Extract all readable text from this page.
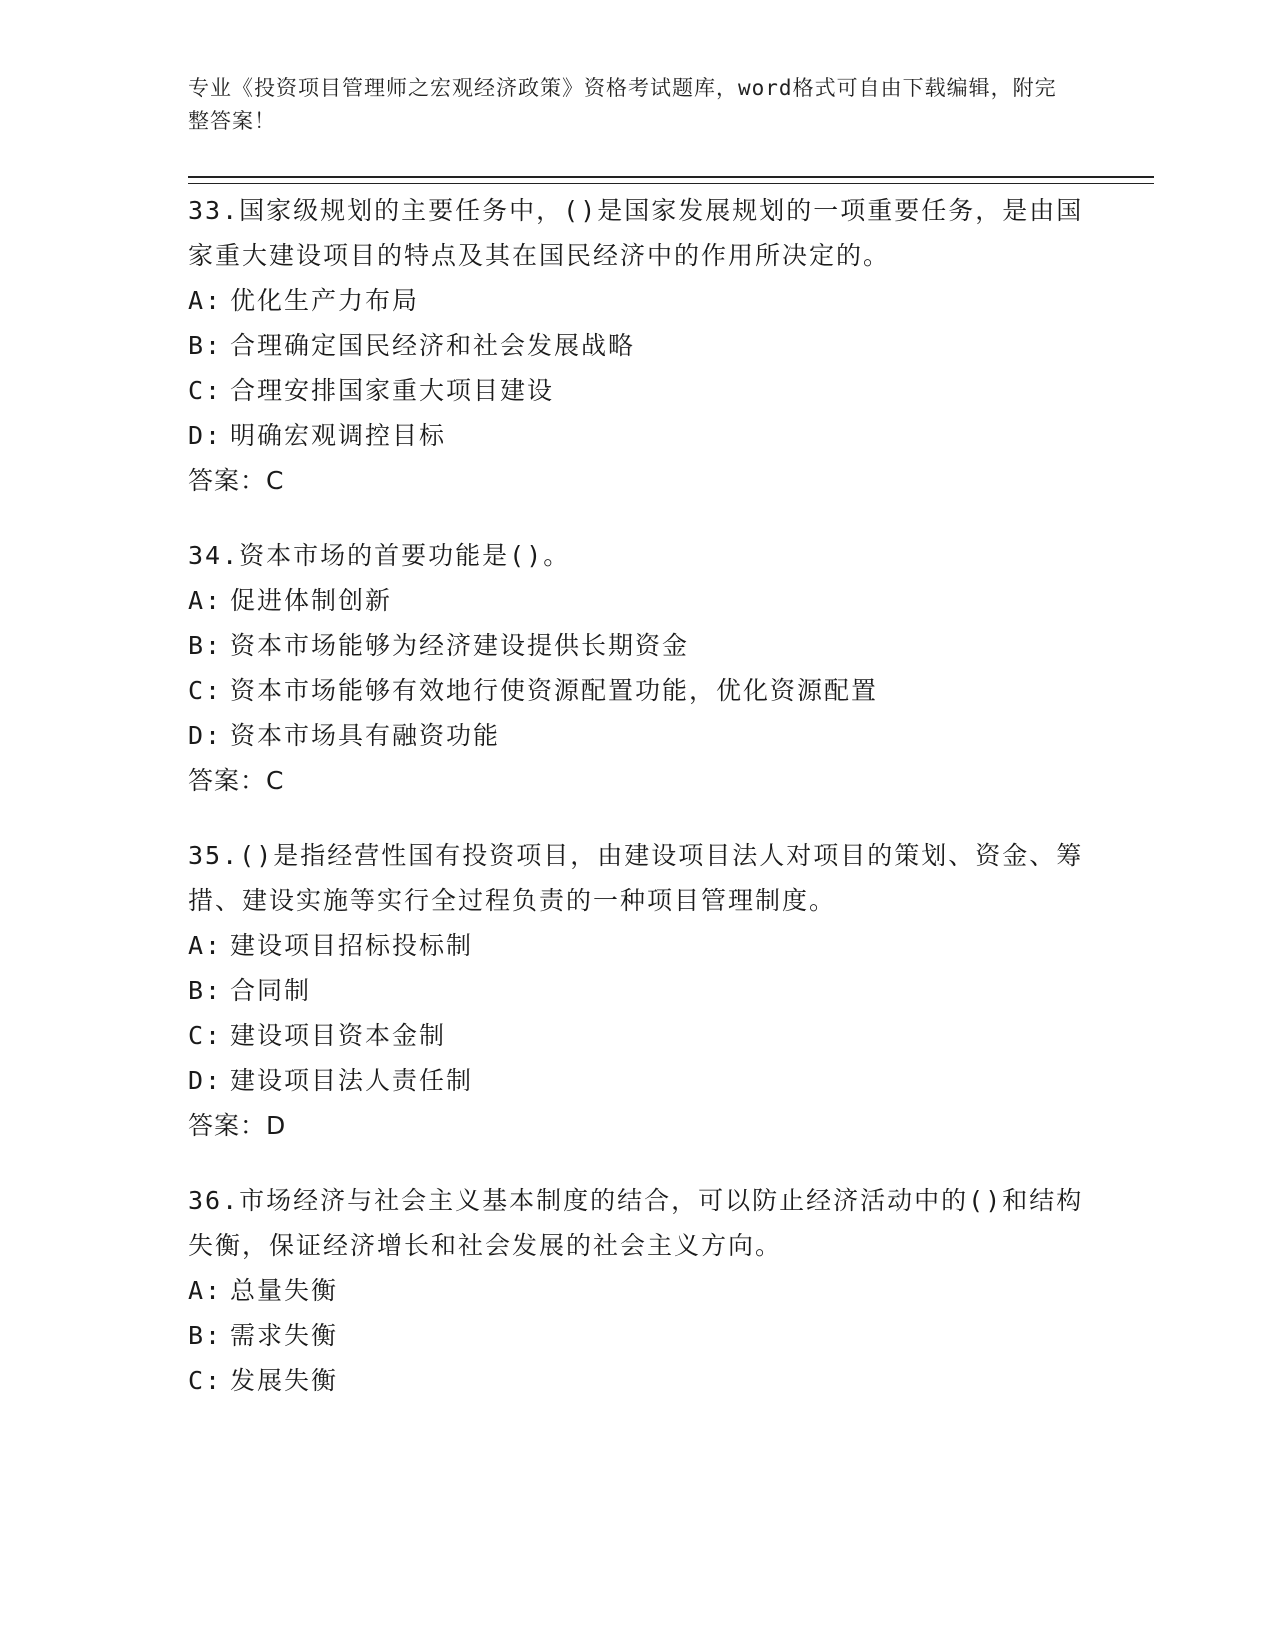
专业《投资项目管理师之宏观经济政策》资格考试题库，word格式可自由下载编辑，附完整答案！

33.国家级规划的主要任务中，()是国家发展规划的一项重要任务，是由国家重大建设项目的特点及其在国民经济中的作用所决定的。

A: 优化生产力布局

B: 合理确定国民经济和社会发展战略

C: 合理安排国家重大项目建设

D: 明确宏观调控目标

答案：C

34.资本市场的首要功能是()。

A: 促进体制创新

B: 资本市场能够为经济建设提供长期资金

C: 资本市场能够有效地行使资源配置功能，优化资源配置

D: 资本市场具有融资功能

答案：C

35.()是指经营性国有投资项目，由建设项目法人对项目的策划、资金、筹措、建设实施等实行全过程负责的一种项目管理制度。

A: 建设项目招标投标制

B: 合同制

C: 建设项目资本金制

D: 建设项目法人责任制

答案：D

36.市场经济与社会主义基本制度的结合，可以防止经济活动中的()和结构失衡，保证经济增长和社会发展的社会主义方向。

A: 总量失衡

B: 需求失衡

C: 发展失衡
